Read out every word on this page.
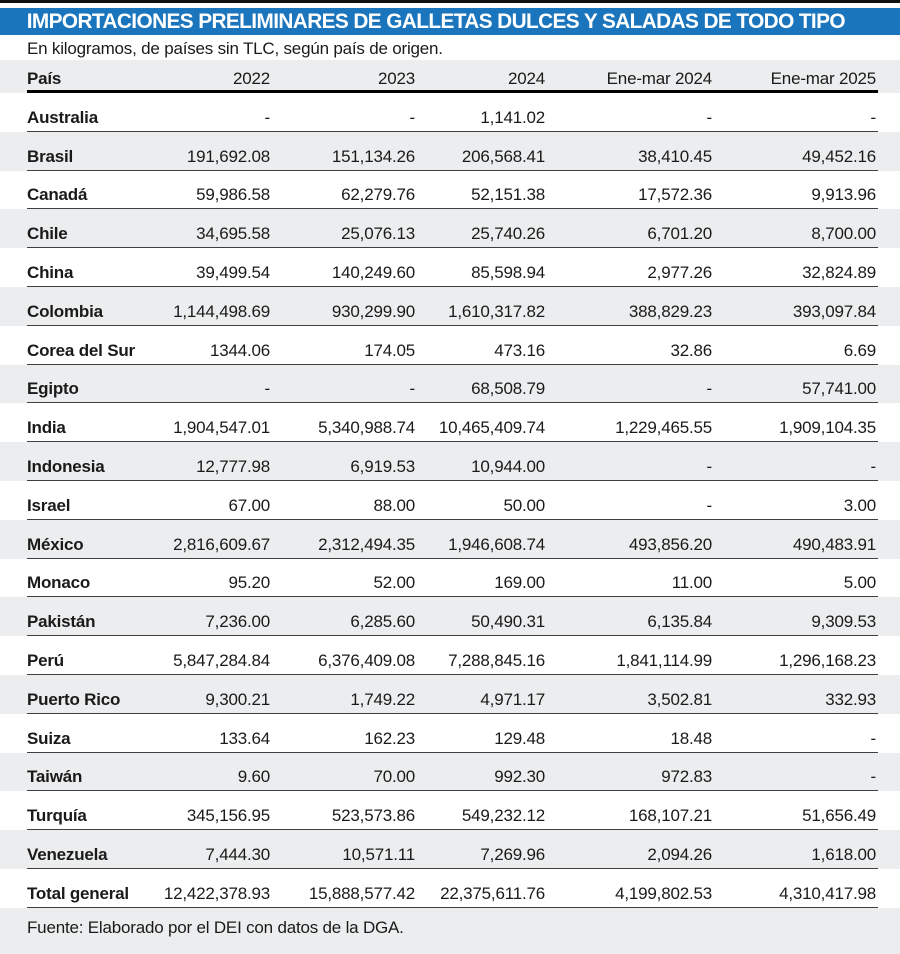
IMPORTACIONES PRELIMINARES DE GALLETAS DULCES Y SALADAS DE TODO TIPO
En kilogramos, de países sin TLC, según país de origen.
País	2022	2023	2024	Ene-mar 2024	Ene-mar 2025
Australia	-	-	1,141.02	-	-
Brasil	191,692.08	151,134.26	206,568.41	38,410.45	49,452.16
Canadá	59,986.58	62,279.76	52,151.38	17,572.36	9,913.96
Chile	34,695.58	25,076.13	25,740.26	6,701.20	8,700.00
China	39,499.54	140,249.60	85,598.94	2,977.26	32,824.89
Colombia	1,144,498.69	930,299.90	1,610,317.82	388,829.23	393,097.84
Corea del Sur	1344.06	174.05	473.16	32.86	6.69
Egipto	-	-	68,508.79	-	57,741.00
India	1,904,547.01	5,340,988.74	10,465,409.74	1,229,465.55	1,909,104.35
Indonesia	12,777.98	6,919.53	10,944.00	-	-
Israel	67.00	88.00	50.00	-	3.00
México	2,816,609.67	2,312,494.35	1,946,608.74	493,856.20	490,483.91
Monaco	95.20	52.00	169.00	11.00	5.00
Pakistán	7,236.00	6,285.60	50,490.31	6,135.84	9,309.53
Perú	5,847,284.84	6,376,409.08	7,288,845.16	1,841,114.99	1,296,168.23
Puerto Rico	9,300.21	1,749.22	4,971.17	3,502.81	332.93
Suiza	133.64	162.23	129.48	18.48	-
Taiwán	9.60	70.00	992.30	972.83	-
Turquía	345,156.95	523,573.86	549,232.12	168,107.21	51,656.49
Venezuela	7,444.30	10,571.11	7,269.96	2,094.26	1,618.00
Total general	12,422,378.93	15,888,577.42	22,375,611.76	4,199,802.53	4,310,417.98
Fuente: Elaborado por el DEI con datos de la DGA.
